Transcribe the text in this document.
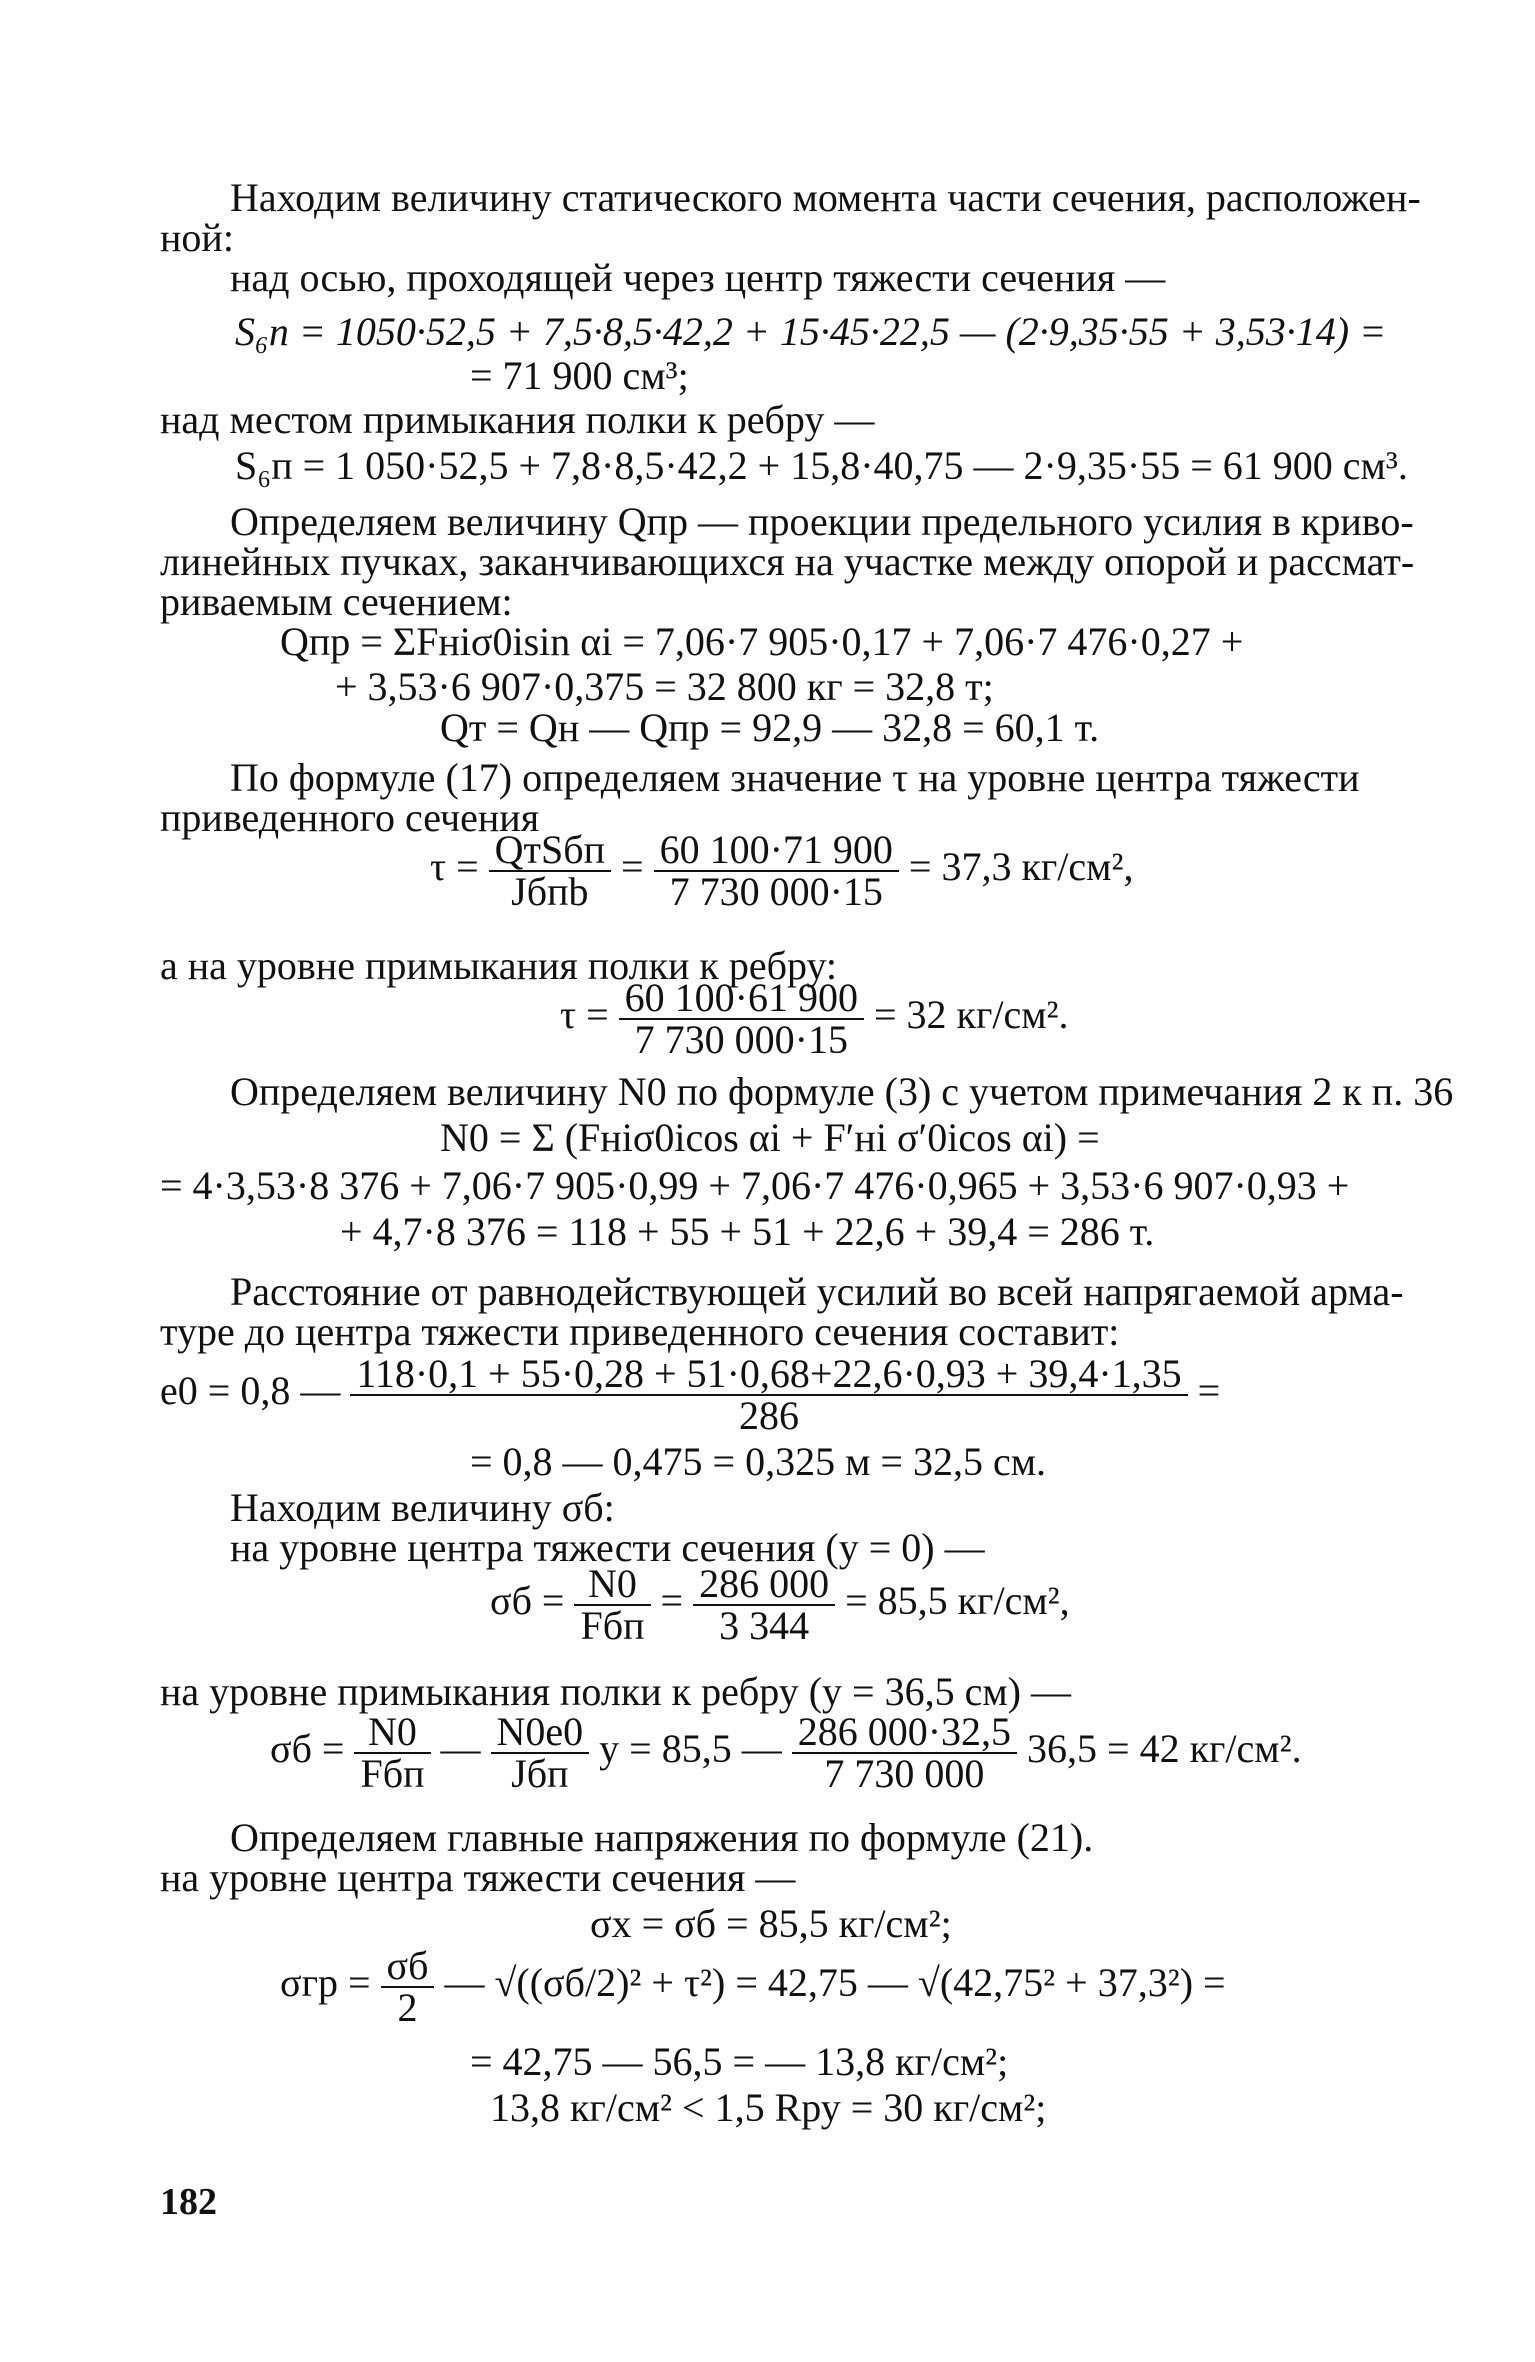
Находим величину статического момента части сечения, расположен-
ной:
над осью, проходящей через центр тяжести сечения —
S₆п = 1050·52,5 + 7,5·8,5·42,2 + 15·45·22,5 — (2·9,35·55 + 3,53·14) =
= 71 900 см³;
над местом примыкания полки к ребру —
S₆п = 1 050·52,5 + 7,8·8,5·42,2 + 15,8·40,75 — 2·9,35·55 = 61 900 см³.
Определяем величину Qпр — проекции предельного усилия в криво-
линейных пучках, заканчивающихся на участке между опорой и рассмат-
риваемым сечением:
Qпр = ΣFнiσ0isin αi = 7,06·7 905·0,17 + 7,06·7 476·0,27 +
+ 3,53·6 907·0,375 = 32 800 кг = 32,8 т;
Qт = Qн — Qпр = 92,9 — 32,8 = 60,1 т.
По формуле (17) определяем значение τ на уровне центра тяжести
приведенного сечения
$\tau = \frac{\text{QтSбп}}{\text{Jбпb}} = \frac{60 100\cdot 71 900}{7 730 000\cdot 15} = 37,3$ кг/см²,
а на уровне примыкания полки к ребру:
$\tau = \frac{60 100\cdot 61 900}{7 730 000\cdot 15} = 32$ кг/см².
Определяем величину N0 по формуле (3) с учетом примечания 2 к п. 36
N0 = Σ (Fнiσ0icos αi + F′нi σ′0icos αi) =
= 4·3,53·8 376 + 7,06·7 905·0,99 + 7,06·7 476·0,965 + 3,53·6 907·0,93 +
+ 4,7·8 376 = 118 + 55 + 51 + 22,6 + 39,4 = 286 т.
Расстояние от равнодействующей усилий во всей напрягаемой арма-
туре до центра тяжести приведенного сечения составит:
e0 = 0,8 — $\frac{118\cdot 0,1 + 55\cdot 0,28 + 51\cdot 0,68+22,6\cdot 0,93 + 39,4\cdot 1,35}{286}$ =
= 0,8 — 0,475 = 0,325 м = 32,5 см.
Находим величину σб:
на уровне центра тяжести сечения (y = 0) —
$\sigma б = \frac{N0}{\text{Fбп}} = \frac{286 000}{3 344} = 85,5$ кг/см²,
на уровне примыкания полки к ребру (y = 36,5 см) —
$\sigma б = \frac{N0}{\text{Fбп}}$ — $\frac{N0e0}{\text{Jбп}}$ y = 85,5 — $\frac{286 000\cdot 32,5}{7 730 000} 36,5 = 42$ кг/см².
Определяем главные напряжения по формуле (21).
на уровне центра тяжести сечения —
σx = σб = 85,5 кг/см²;
$\sigma гр = \frac{\sigma б}{2}$ — √((σб/2)² + τ²) = 42,75 — √(42,75² + 37,3²) =
= 42,75 — 56,5 = — 13,8 кг/см²;
13,8 кг/см² < 1,5 Rру = 30 кг/см²;
182
